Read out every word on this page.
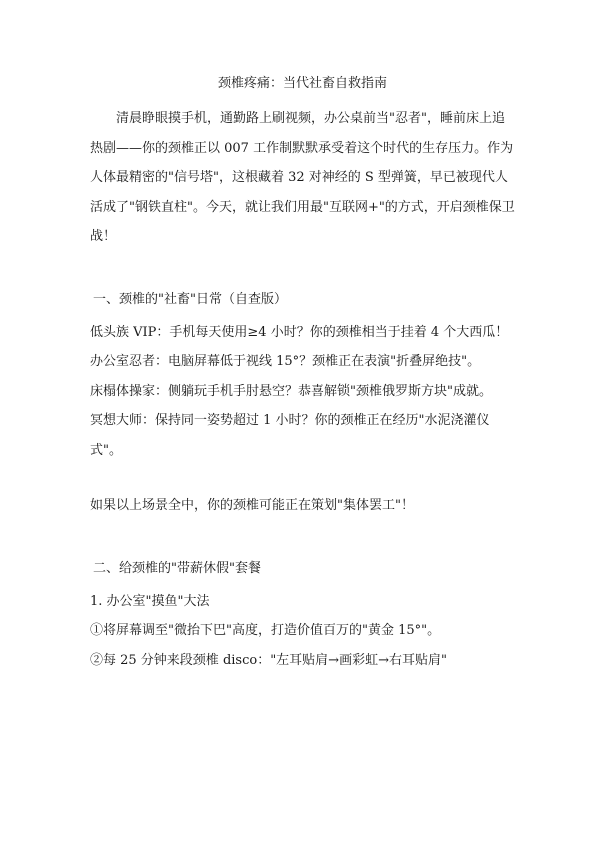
颈椎疼痛：当代社畜自救指南

清晨睁眼摸手机，通勤路上刷视频，办公桌前当"忍者"，睡前床上追热剧——你的颈椎正以 007 工作制默默承受着这个时代的生存压力。作为人体最精密的"信号塔"，这根藏着 32 对神经的 S 型弹簧，早已被现代人活成了"钢铁直柱"。今天，就让我们用最"互联网+"的方式，开启颈椎保卫战！

一、颈椎的"社畜"日常（自查版）

低头族 VIP：手机每天使用≥4 小时？你的颈椎相当于挂着 4 个大西瓜！

办公室忍者：电脑屏幕低于视线 15°？颈椎正在表演"折叠屏绝技"。

床榻体操家：侧躺玩手机手肘悬空？恭喜解锁"颈椎俄罗斯方块"成就。

冥想大师：保持同一姿势超过 1 小时？你的颈椎正在经历"水泥浇灌仪式"。

如果以上场景全中，你的颈椎可能正在策划"集体罢工"！

二、给颈椎的"带薪休假"套餐

1. 办公室"摸鱼"大法

①将屏幕调至"微抬下巴"高度，打造价值百万的"黄金 15°"。

②每 25 分钟来段颈椎 disco："左耳贴肩→画彩虹→右耳贴肩"
